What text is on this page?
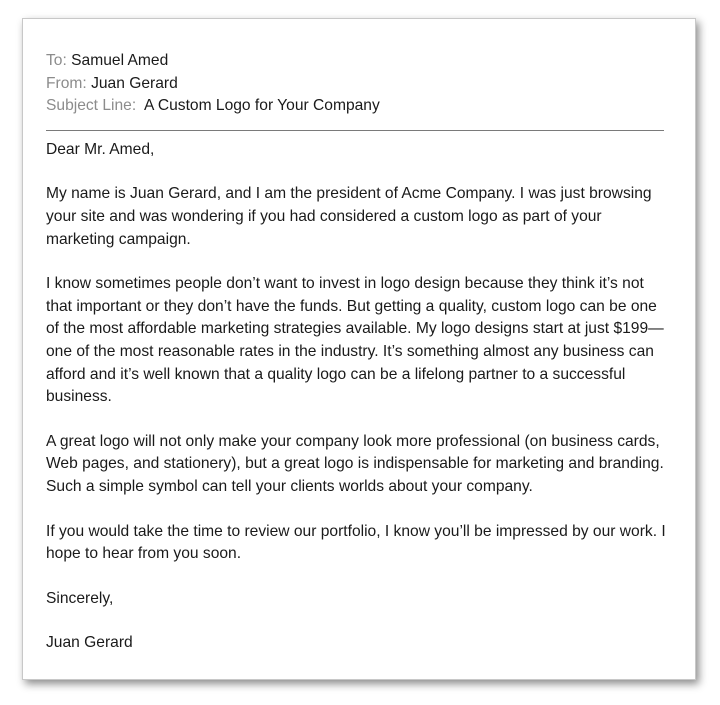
To: Samuel Amed

From: Juan Gerard

Subject Line: A Custom Logo for Your Company

Dear Mr. Amed,

My name is Juan Gerard, and I am the president of Acme Company. I was just browsing your site and was wondering if you had considered a custom logo as part of your marketing campaign.

I know sometimes people don’t want to invest in logo design because they think it’s not that important or they don’t have the funds. But getting a quality, custom logo can be one of the most affordable marketing strategies available. My logo designs start at just $199—one of the most reasonable rates in the industry. It’s something almost any business can afford and it’s well known that a quality logo can be a lifelong partner to a successful business.

A great logo will not only make your company look more professional (on business cards, Web pages, and stationery), but a great logo is indispensable for marketing and branding. Such a simple symbol can tell your clients worlds about your company.

If you would take the time to review our portfolio, I know you’ll be impressed by our work. I hope to hear from you soon.

Sincerely,

Juan Gerard
